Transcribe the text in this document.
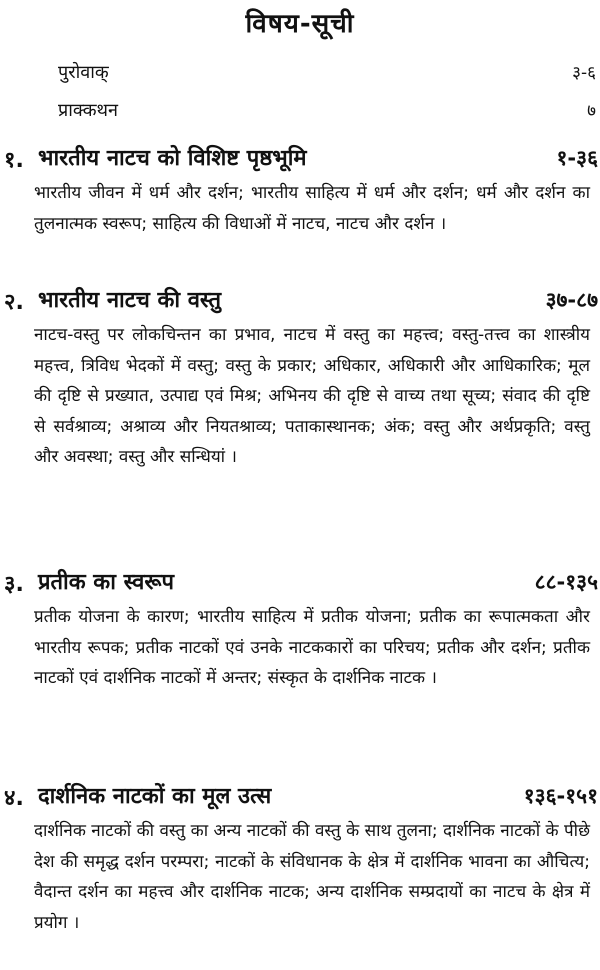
विषय-सूची
पुरोवाक्	३-६
प्राक्कथन	७
१. भारतीय नाटच को विशिष्ट पृष्ठभूमि	१-३६
भारतीय जीवन में धर्म और दर्शन; भारतीय साहित्य में धर्म और दर्शन; धर्म और दर्शन का तुलनात्मक स्वरूप; साहित्य की विधाओं में नाटच, नाटच और दर्शन ।
२. भारतीय नाटच की वस्तु	३७-८७
नाटच-वस्तु पर लोकचिन्तन का प्रभाव, नाटच में वस्तु का महत्त्व; वस्तु-तत्त्व का शास्त्रीय महत्त्व, त्रिविध भेदकों में वस्तु; वस्तु के प्रकार; अधिकार, अधिकारी और आधिकारिक; मूल की दृष्टि से प्रख्यात, उत्पाद्य एवं मिश्र; अभिनय की दृष्टि से वाच्य तथा सूच्य; संवाद की दृष्टि से सर्वश्राव्य; अश्राव्य और नियतश्राव्य; पताकास्थानक; अंक; वस्तु और अर्थप्रकृति; वस्तु और अवस्था; वस्तु और सन्धियां ।
३. प्रतीक का स्वरूप	८८-१३५
प्रतीक योजना के कारण; भारतीय साहित्य में प्रतीक योजना; प्रतीक का रूपात्मकता और भारतीय रूपक; प्रतीक नाटकों एवं उनके नाटककारों का परिचय; प्रतीक और दर्शन; प्रतीक नाटकों एवं दार्शनिक नाटकों में अन्तर; संस्कृत के दार्शनिक नाटक ।
४. दार्शनिक नाटकों का मूल उत्स	१३६-१५१
दार्शनिक नाटकों की वस्तु का अन्य नाटकों की वस्तु के साथ तुलना; दार्शनिक नाटकों के पीछे देश की समृद्ध दर्शन परम्परा; नाटकों के संविधानक के क्षेत्र में दार्शनिक भावना का औचित्य; वैदान्त दर्शन का महत्त्व और दार्शनिक नाटक; अन्य दार्शनिक सम्प्रदायों का नाटच के क्षेत्र में प्रयोग ।
